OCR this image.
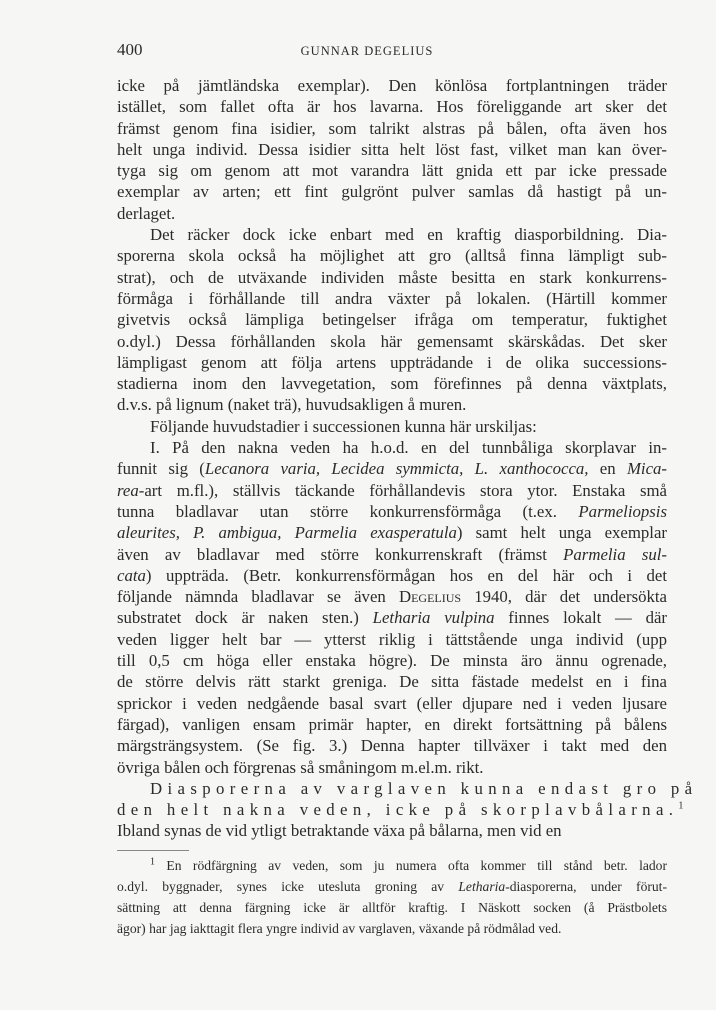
400	GUNNAR DEGELIUS
icke på jämtländska exemplar). Den könlösa fortplantningen träder
istället, som fallet ofta är hos lavarna. Hos föreliggande art sker det
främst genom fina isidier, som talrikt alstras på bålen, ofta även hos
helt unga individ. Dessa isidier sitta helt löst fast, vilket man kan över-
tyga sig om genom att mot varandra lätt gnida ett par icke pressade
exemplar av arten; ett fint gulgrönt pulver samlas då hastigt på un-
derlaget.
Det räcker dock icke enbart med en kraftig diasporbildning. Dia-
sporerna skola också ha möjlighet att gro (alltså finna lämpligt sub-
strat), och de utväxande individen måste besitta en stark konkurrens-
förmåga i förhållande till andra växter på lokalen. (Härtill kommer
givetvis också lämpliga betingelser ifråga om temperatur, fuktighet
o.dyl.) Dessa förhållanden skola här gemensamt skärskådas. Det sker
lämpligast genom att följa artens uppträdande i de olika successions-
stadierna inom den lavvegetation, som förefinnes på denna växtplats,
d.v.s. på lignum (naket trä), huvudsakligen å muren.
Följande huvudstadier i successionen kunna här urskiljas:
I. På den nakna veden ha h.o.d. en del tunnbåliga skorplavar in-
funnit sig (Lecanora varia, Lecidea symmicta, L. xanthococca, en Mica-
rea-art m.fl.), ställvis täckande förhållandevis stora ytor. Enstaka små
tunna bladlavar utan större konkurrensförmåga (t.ex. Parmeliopsis
aleurites, P. ambigua, Parmelia exasperatula) samt helt unga exemplar
även av bladlavar med större konkurrenskraft (främst Parmelia sul-
cata) uppträda. (Betr. konkurrensförmågan hos en del här och i det
följande nämnda bladlavar se även Degelius 1940, där det undersökta
substratet dock är naken sten.) Letharia vulpina finnes lokalt — där
veden ligger helt bar — ytterst riklig i tättstående unga individ (upp
till 0,5 cm höga eller enstaka högre). De minsta äro ännu ogrenade,
de större delvis rätt starkt greniga. De sitta fästade medelst en i fina
sprickor i veden nedgående basal svart (eller djupare ned i veden ljusare
färgad), vanligen ensam primär hapter, en direkt fortsättning på bålens
märgsträngsystem. (Se fig. 3.) Denna hapter tillväxer i takt med den
övriga bålen och förgrenas så småningom m.el.m. rikt.
Diasporerna av varglaven kunna endast gro på
den helt nakna veden, icke på skorplavbålarna.$^1$
Ibland synas de vid ytligt betraktande växa på bålarna, men vid en
$^1$ En rödfärgning av veden, som ju numera ofta kommer till stånd betr. lador
o.dyl. byggnader, synes icke utesluta groning av Letharia-diasporerna, under förut-
sättning att denna färgning icke är alltför kraftig. I Näskott socken (å Prästbolets
ägor) har jag iakttagit flera yngre individ av varglaven, växande på rödmålad ved.
